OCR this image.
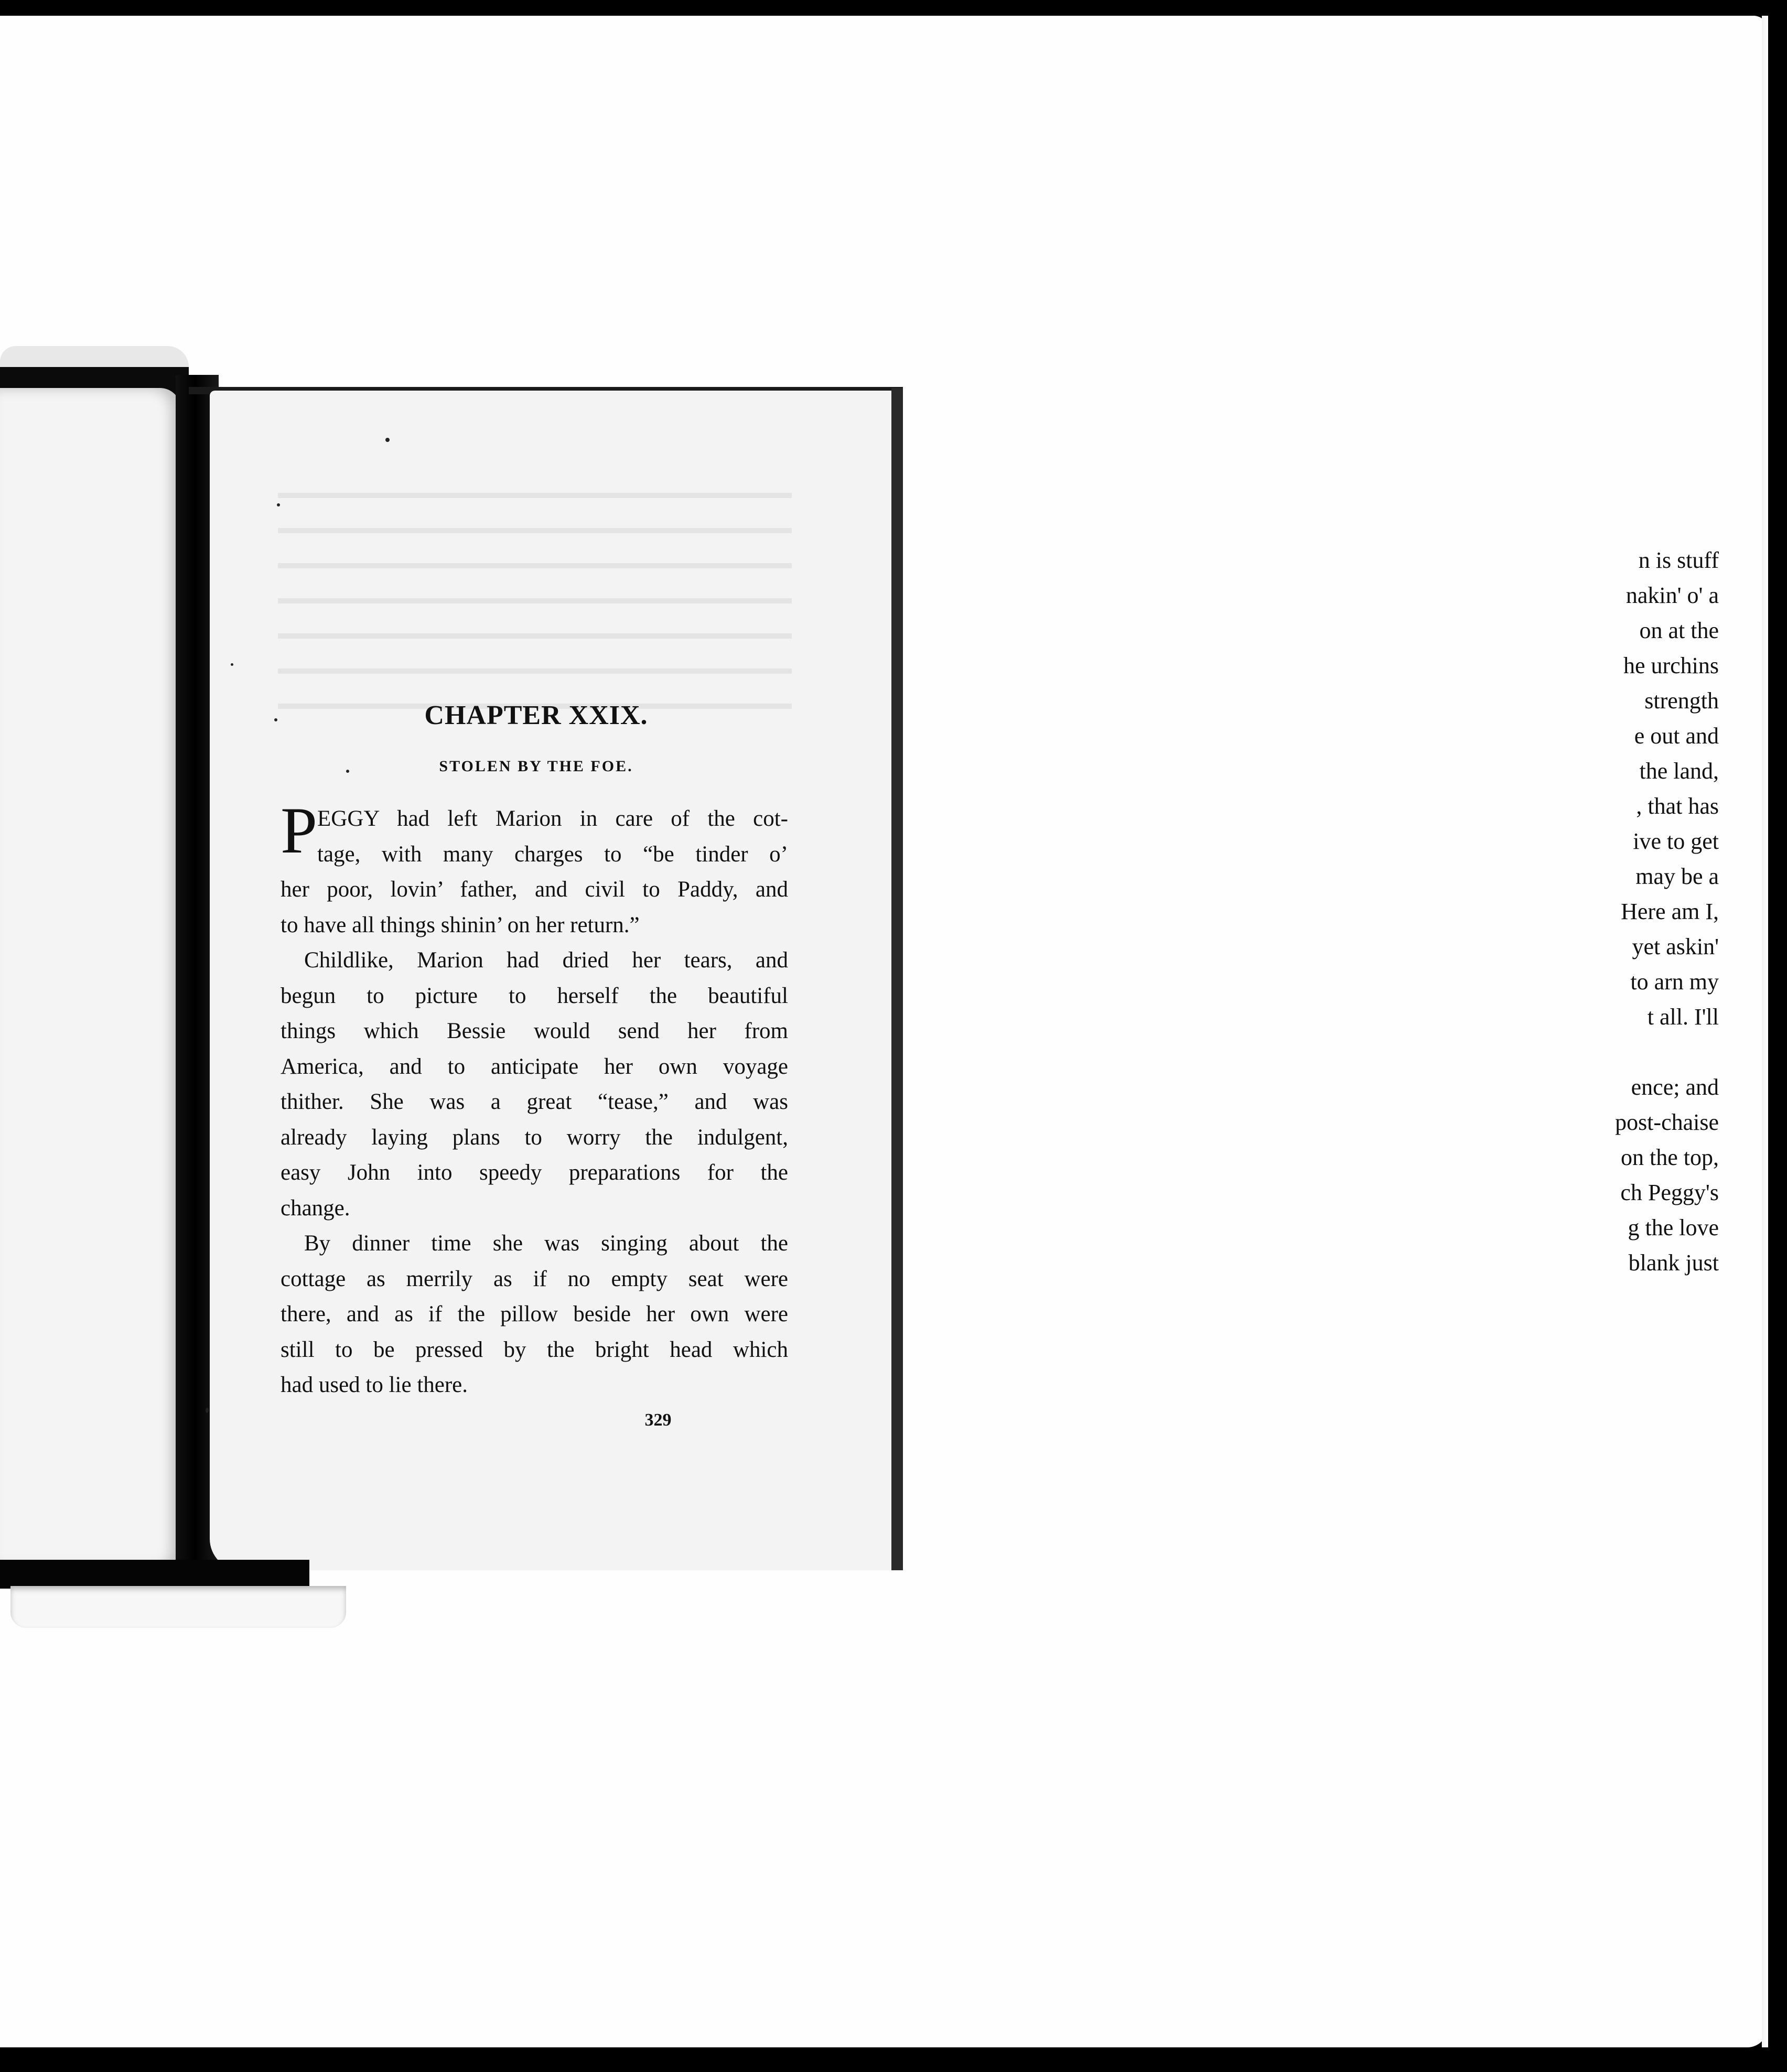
n is stuff
nakin' o' a
on at the
he urchins
strength
e out and
the land,
, that has
ive to get
may be a
Here am I,
yet askin'
to arn my
t all. I'll

ence; and
post-chaise
on the top,
ch Peggy's
g the love
blank just
CHAPTER XXIX.
STOLEN BY THE FOE.
P EGGY had left Marion in care of the cot-
tage, with many charges to “be tinder o’
her poor, lovin’ father, and civil to Paddy, and
to have all things shinin’ on her return.”
Childlike, Marion had dried her tears, and
begun to picture to herself the beautiful
things which Bessie would send her from
America, and to anticipate her own voyage
thither. She was a great “tease,” and was
already laying plans to worry the indulgent,
easy John into speedy preparations for the
change.
By dinner time she was singing about the
cottage as merrily as if no empty seat were
there, and as if the pillow beside her own were
still to be pressed by the bright head which
had used to lie there.
329
